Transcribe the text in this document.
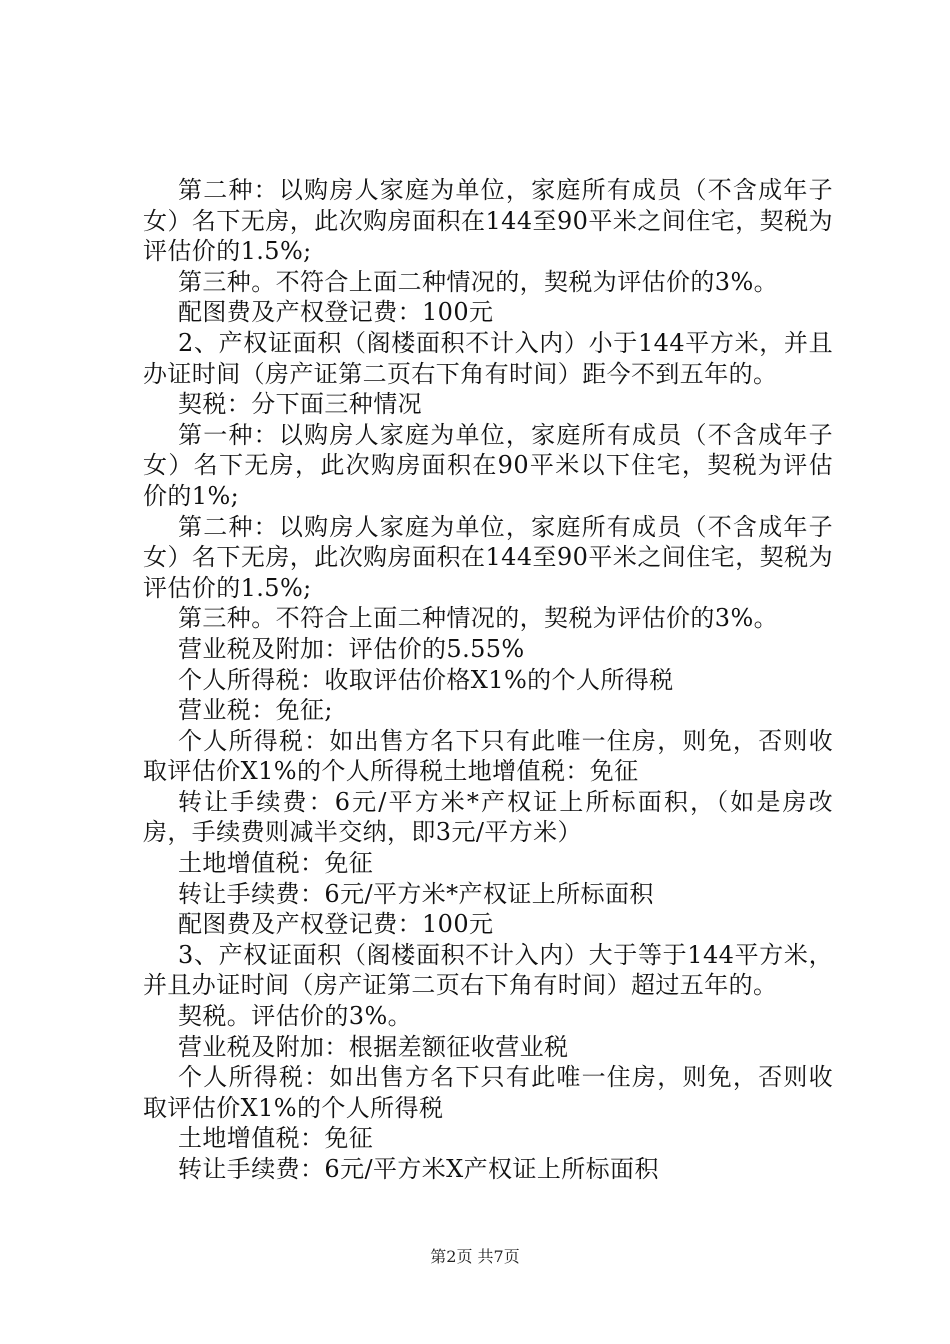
第二种：以购房人家庭为单位，家庭所有成员（不含成年子女）名下无房，此次购房面积在144至90平米之间住宅，契税为评估价的1.5%;

第三种。不符合上面二种情况的，契税为评估价的3%。

配图费及产权登记费：100元

2、产权证面积（阁楼面积不计入内）小于144平方米，并且办证时间（房产证第二页右下角有时间）距今不到五年的。

契税：分下面三种情况

第一种：以购房人家庭为单位，家庭所有成员（不含成年子女）名下无房，此次购房面积在90平米以下住宅，契税为评估价的1%;

第二种：以购房人家庭为单位，家庭所有成员（不含成年子女）名下无房，此次购房面积在144至90平米之间住宅，契税为评估价的1.5%;

第三种。不符合上面二种情况的，契税为评估价的3%。

营业税及附加：评估价的5.55%

个人所得税：收取评估价格X1%的个人所得税

营业税：免征;

个人所得税：如出售方名下只有此唯一住房，则免，否则收取评估价X1%的个人所得税土地增值税：免征

转让手续费：6元/平方米*产权证上所标面积，（如是房改房，手续费则减半交纳，即3元/平方米）

土地增值税：免征

转让手续费：6元/平方米*产权证上所标面积

配图费及产权登记费：100元

3、产权证面积（阁楼面积不计入内）大于等于144平方米，并且办证时间（房产证第二页右下角有时间）超过五年的。

契税。评估价的3%。

营业税及附加：根据差额征收营业税

个人所得税：如出售方名下只有此唯一住房，则免，否则收取评估价X1%的个人所得税

土地增值税：免征

转让手续费：6元/平方米X产权证上所标面积

第2页 共7页
